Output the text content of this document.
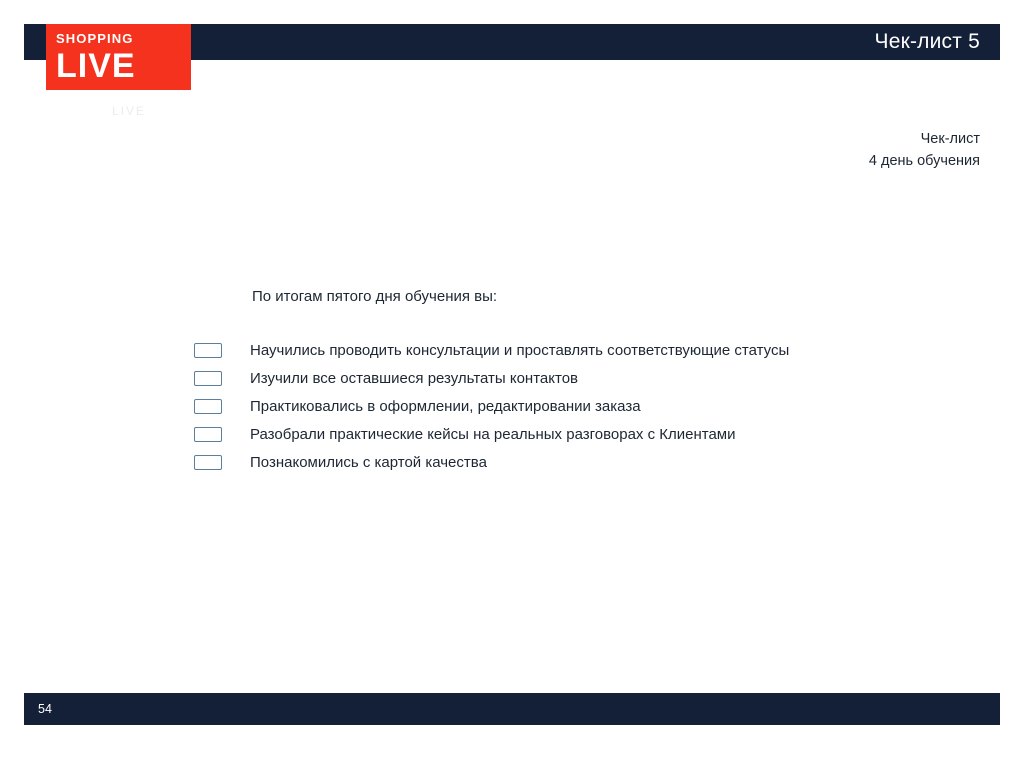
Чек-лист 5
SHOPPING
LIVE
LIVE
Чек-лист
4 день обучения
По итогам пятого дня обучения вы:
Научились проводить консультации и проставлять соответствующие статусы
Изучили все оставшиеся результаты контактов
Практиковались в оформлении, редактировании заказа
Разобрали практические кейсы на реальных разговорах с Клиентами
Познакомились с картой качества
54
